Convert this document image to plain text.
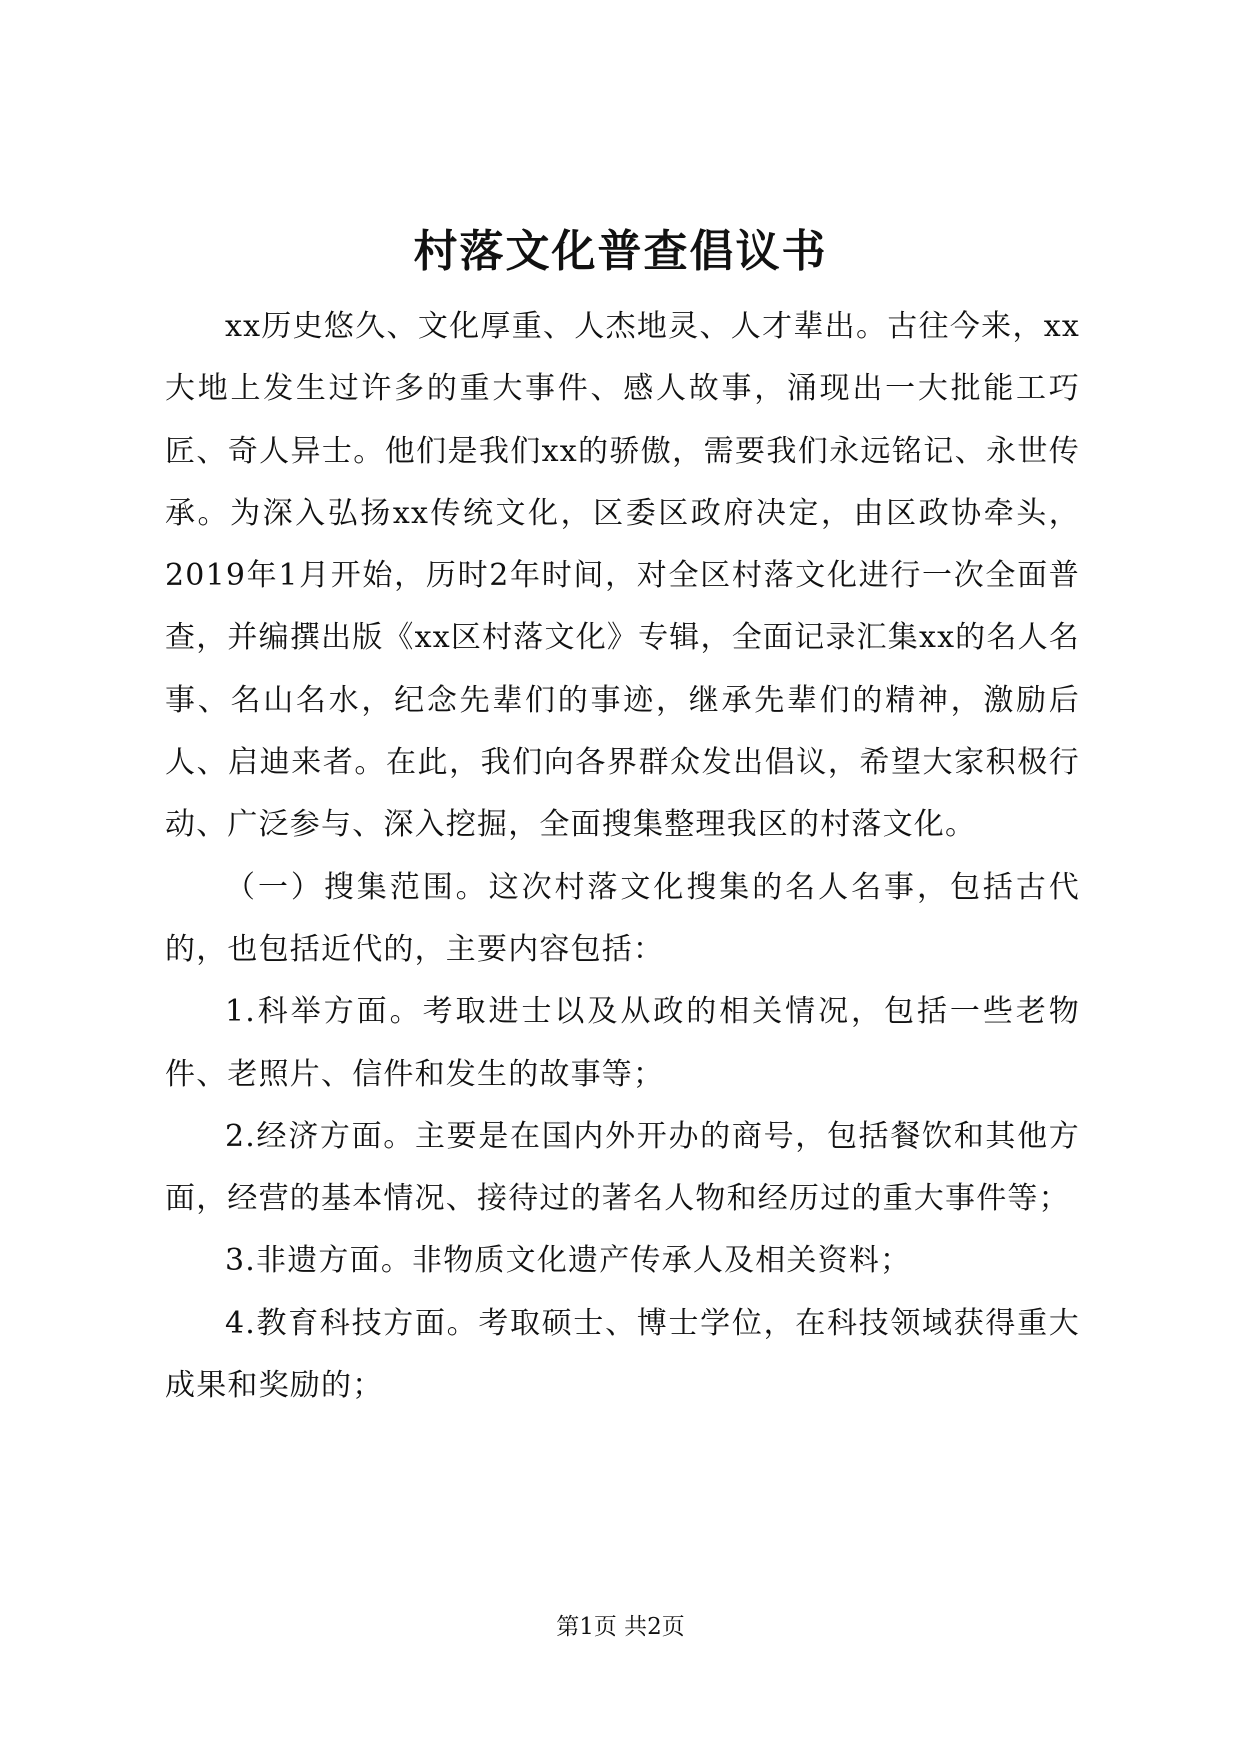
村落文化普查倡议书

xx历史悠久、文化厚重、人杰地灵、人才辈出。古往今来，xx大地上发生过许多的重大事件、感人故事，涌现出一大批能工巧匠、奇人异士。他们是我们xx的骄傲，需要我们永远铭记、永世传承。为深入弘扬xx传统文化，区委区政府决定，由区政协牵头，2019年1月开始，历时2年时间，对全区村落文化进行一次全面普查，并编撰出版《xx区村落文化》专辑，全面记录汇集xx的名人名事、名山名水，纪念先辈们的事迹，继承先辈们的精神，激励后人、启迪来者。在此，我们向各界群众发出倡议，希望大家积极行动、广泛参与、深入挖掘，全面搜集整理我区的村落文化。

（一）搜集范围。这次村落文化搜集的名人名事，包括古代的，也包括近代的，主要内容包括：

1.科举方面。考取进士以及从政的相关情况，包括一些老物件、老照片、信件和发生的故事等；

2.经济方面。主要是在国内外开办的商号，包括餐饮和其他方面，经营的基本情况、接待过的著名人物和经历过的重大事件等；

3.非遗方面。非物质文化遗产传承人及相关资料；

4.教育科技方面。考取硕士、博士学位，在科技领域获得重大成果和奖励的；

第1页 共2页
